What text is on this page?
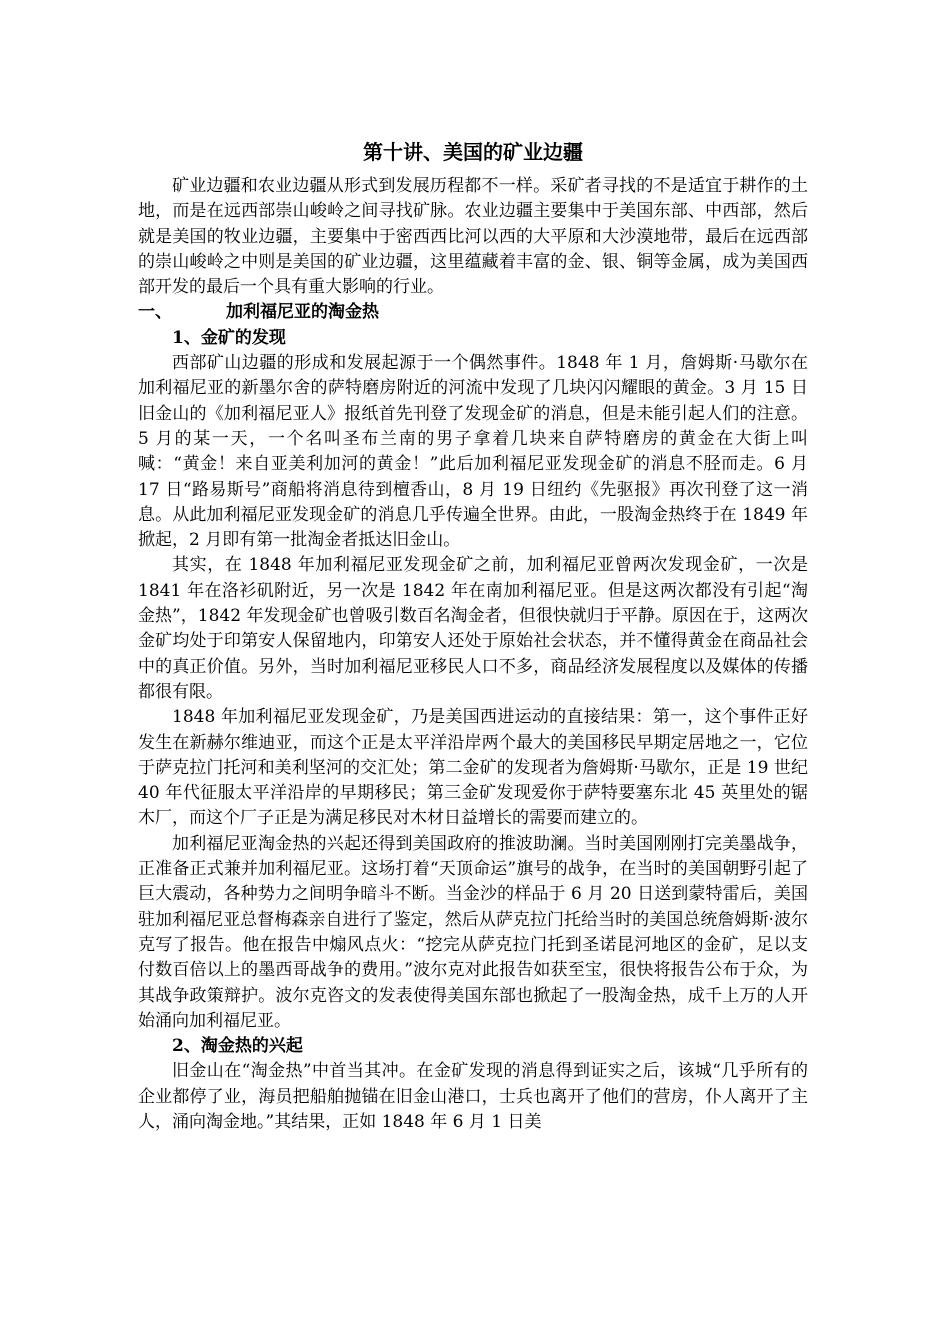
第十讲、美国的矿业边疆

矿业边疆和农业边疆从形式到发展历程都不一样。采矿者寻找的不是适宜于耕作的土地，而是在远西部崇山峻岭之间寻找矿脉。农业边疆主要集中于美国东部、中西部，然后就是美国的牧业边疆，主要集中于密西西比河以西的大平原和大沙漠地带，最后在远西部的崇山峻岭之中则是美国的矿业边疆，这里蕴藏着丰富的金、银、铜等金属，成为美国西部开发的最后一个具有重大影响的行业。

一、	加利福尼亚的淘金热
1、金矿的发现

西部矿山边疆的形成和发展起源于一个偶然事件。1848 年 1 月，詹姆斯·马歇尔在加利福尼亚的新墨尔舍的萨特磨房附近的河流中发现了几块闪闪耀眼的黄金。3 月 15 日旧金山的《加利福尼亚人》报纸首先刊登了发现金矿的消息，但是未能引起人们的注意。5 月的某一天，一个名叫圣布兰南的男子拿着几块来自萨特磨房的黄金在大街上叫喊：“黄金！来自亚美利加河的黄金！”此后加利福尼亚发现金矿的消息不胫而走。6 月 17 日“路易斯号”商船将消息待到檀香山，8 月 19 日纽约《先驱报》再次刊登了这一消息。从此加利福尼亚发现金矿的消息几乎传遍全世界。由此，一股淘金热终于在 1849 年掀起，2 月即有第一批淘金者抵达旧金山。

其实，在 1848 年加利福尼亚发现金矿之前，加利福尼亚曾两次发现金矿，一次是 1841 年在洛衫矶附近，另一次是 1842 年在南加利福尼亚。但是这两次都没有引起“淘金热”，1842 年发现金矿也曾吸引数百名淘金者，但很快就归于平静。原因在于，这两次金矿均处于印第安人保留地内，印第安人还处于原始社会状态，并不懂得黄金在商品社会中的真正价值。另外，当时加利福尼亚移民人口不多，商品经济发展程度以及媒体的传播都很有限。

1848 年加利福尼亚发现金矿，乃是美国西进运动的直接结果：第一，这个事件正好发生在新赫尔维迪亚，而这个正是太平洋沿岸两个最大的美国移民早期定居地之一，它位于萨克拉门托河和美利坚河的交汇处；第二金矿的发现者为詹姆斯·马歇尔，正是 19 世纪 40 年代征服太平洋沿岸的早期移民；第三金矿发现爱你于萨特要塞东北 45 英里处的锯木厂，而这个厂子正是为满足移民对木材日益增长的需要而建立的。

加利福尼亚淘金热的兴起还得到美国政府的推波助澜。当时美国刚刚打完美墨战争，正准备正式兼并加利福尼亚。这场打着“天顶命运”旗号的战争，在当时的美国朝野引起了巨大震动，各种势力之间明争暗斗不断。当金沙的样品于 6 月 20 日送到蒙特雷后，美国驻加利福尼亚总督梅森亲自进行了鉴定，然后从萨克拉门托给当时的美国总统詹姆斯·波尔克写了报告。他在报告中煽风点火：“挖完从萨克拉门托到圣诺昆河地区的金矿，足以支付数百倍以上的墨西哥战争的费用。”波尔克对此报告如获至宝，很快将报告公布于众，为其战争政策辩护。波尔克咨文的发表使得美国东部也掀起了一股淘金热，成千上万的人开始涌向加利福尼亚。

2、淘金热的兴起

旧金山在“淘金热”中首当其冲。在金矿发现的消息得到证实之后，该城“几乎所有的企业都停了业，海员把船舶抛锚在旧金山港口，士兵也离开了他们的营房，仆人离开了主人，涌向淘金地。”其结果，正如 1848 年 6 月 1 日美
